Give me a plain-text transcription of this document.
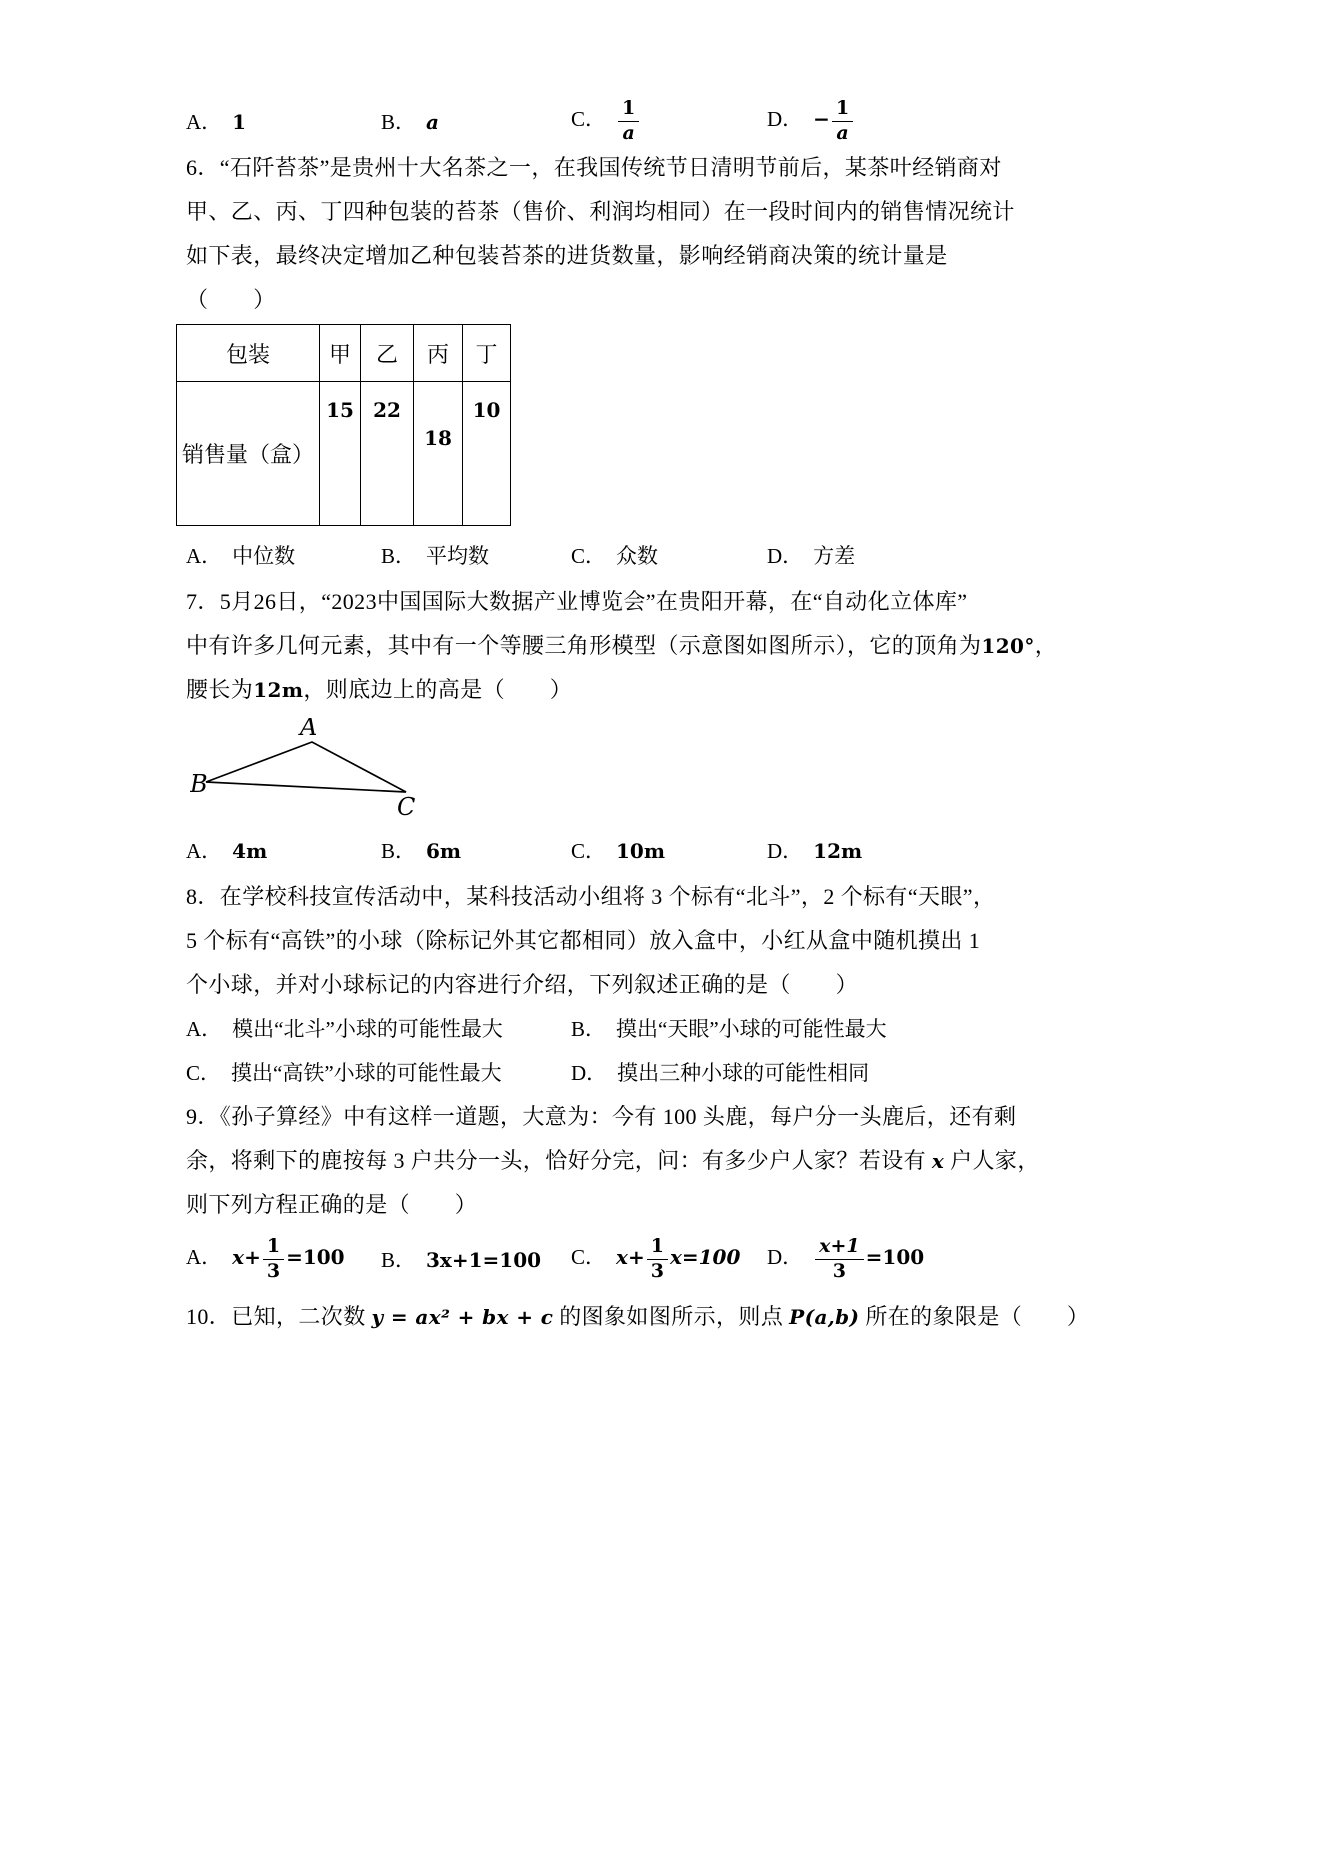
A． 1	B． a	C． $\frac{1}{a}$	D． − $\frac{1}{a}$
6．“石阡苔茶”是贵州十大名茶之一，在我国传统节日清明节前后，某茶叶经销商对
甲、乙、丙、丁四种包装的苔茶（售价、利润均相同）在一段时间内的销售情况统计
如下表，最终决定增加乙种包装苔茶的进货数量，影响经销商决策的统计量是
（　　）
包装	甲	乙	丙	丁
销售量（盒）	15	22	18	10
A． 中位数	B． 平均数	C． 众数	D． 方差
7．5月26日，“2023中国国际大数据产业博览会”在贵阳开幕，在“自动化立体库”
中有许多几何元素，其中有一个等腰三角形模型（示意图如图所示），它的顶角为120°，
腰长为12m，则底边上的高是（　　）
A
B
C
A． 4m	B． 6m	C． 10m	D． 12m
8．在学校科技宣传活动中，某科技活动小组将 3 个标有“北斗”，2 个标有“天眼”，
5 个标有“高铁”的小球（除标记外其它都相同）放入盒中，小红从盒中随机摸出 1
个小球，并对小球标记的内容进行介绍，下列叙述正确的是（　　）
A． 模出“北斗”小球的可能性最大	B． 摸出“天眼”小球的可能性最大
C． 摸出“高铁”小球的可能性最大	D． 摸出三种小球的可能性相同
9．《孙子算经》中有这样一道题，大意为：今有 100 头鹿，每户分一头鹿后，还有剩
余，将剩下的鹿按每 3 户共分一头，恰好分完，问：有多少户人家？若设有 x 户人家，
则下列方程正确的是（　　）
A． $x+ \frac{1}{3} =100$	B． 3x+1=100	C． $x+ \frac{1}{3} x=100$	D． $\frac{x+1}{3} =100$
10．已知，二次数 y = ax² + bx + c 的图象如图所示，则点 P(a,b) 所在的象限是（　　）
